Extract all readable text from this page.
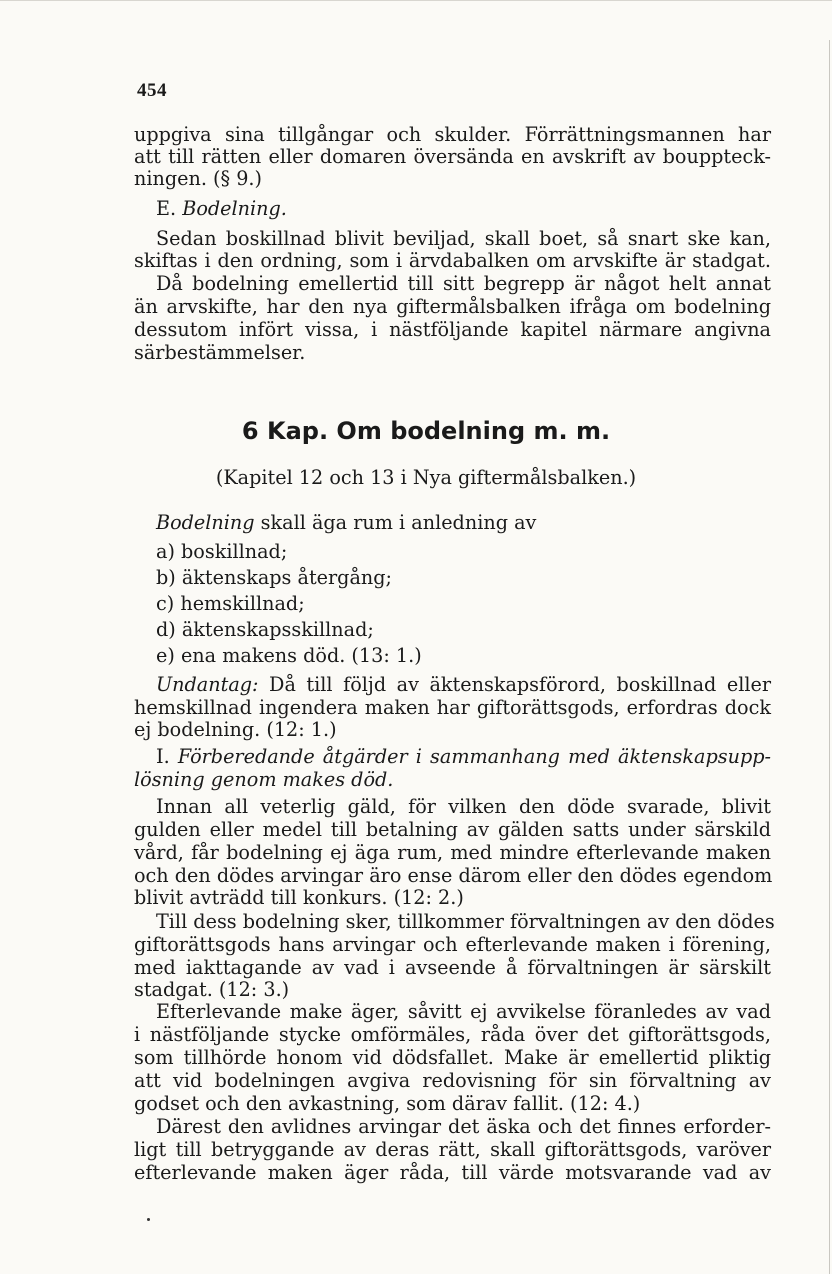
454
uppgiva sina tillgångar och skulder. Förrättningsmannen har
att till rätten eller domaren översända en avskrift av bouppteck-
ningen. (§ 9.)
E. Bodelning.
Sedan boskillnad blivit beviljad, skall boet, så snart ske kan,
skiftas i den ordning, som i ärvdabalken om arvskifte är stadgat.
Då bodelning emellertid till sitt begrepp är något helt annat
än arvskifte, har den nya giftermålsbalken ifråga om bodelning
dessutom infört vissa, i nästföljande kapitel närmare angivna
särbestämmelser.
6 Kap. Om bodelning m. m.
(Kapitel 12 och 13 i Nya giftermålsbalken.)
Bodelning skall äga rum i anledning av
a) boskillnad;
b) äktenskaps återgång;
c) hemskillnad;
d) äktenskapsskillnad;
e) ena makens död. (13: 1.)
Undantag: Då till följd av äktenskapsförord, boskillnad eller
hemskillnad ingendera maken har giftorättsgods, erfordras dock
ej bodelning. (12: 1.)
I. Förberedande åtgärder i sammanhang med äktenskapsupp-
lösning genom makes död.
Innan all veterlig gäld, för vilken den döde svarade, blivit
gulden eller medel till betalning av gälden satts under särskild
vård, får bodelning ej äga rum, med mindre efterlevande maken
och den dödes arvingar äro ense därom eller den dödes egendom
blivit avträdd till konkurs. (12: 2.)
Till dess bodelning sker, tillkommer förvaltningen av den dödes
giftorättsgods hans arvingar och efterlevande maken i förening,
med iakttagande av vad i avseende å förvaltningen är särskilt
stadgat. (12: 3.)
Efterlevande make äger, såvitt ej avvikelse föranledes av vad
i nästföljande stycke omförmäles, råda över det giftorättsgods,
som tillhörde honom vid dödsfallet. Make är emellertid pliktig
att vid bodelningen avgiva redovisning för sin förvaltning av
godset och den avkastning, som därav fallit. (12: 4.)
Därest den avlidnes arvingar det äska och det finnes erforder-
ligt till betryggande av deras rätt, skall giftorättsgods, varöver
efterlevande maken äger råda, till värde motsvarande vad av
